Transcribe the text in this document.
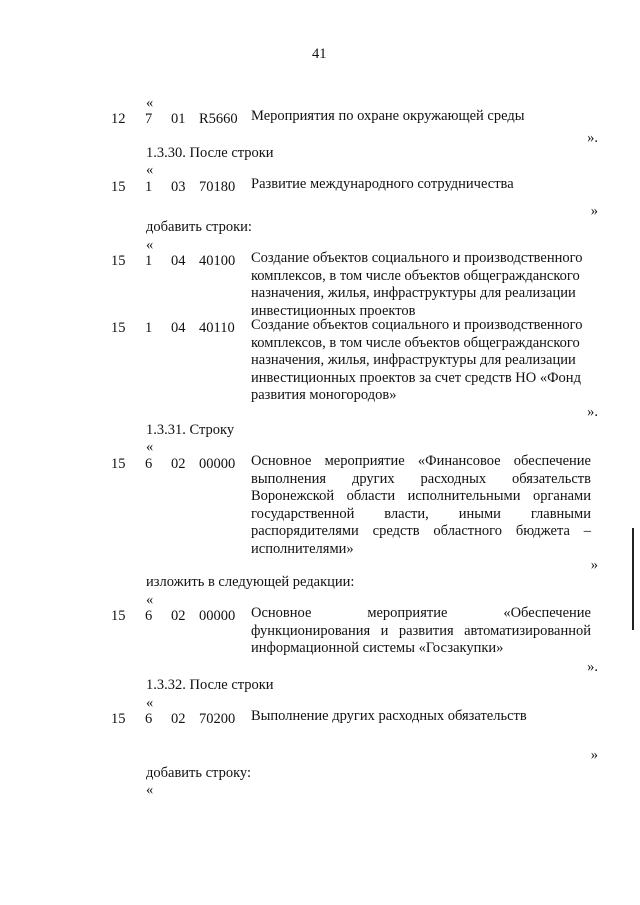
41
«
12 7 01 R5660 Мероприятия по охране окружающей среды
».
1.3.30. После строки
«
15 1 03 70180 Развитие международного сотрудничества
»
добавить строки:
«
15 1 04 40100 Создание объектов социального и производственного комплексов, в том числе объектов общегражданского назначения, жилья, инфраструктуры для реализации инвестиционных проектов
15 1 04 40110 Создание объектов социального и производственного комплексов, в том числе объектов общегражданского назначения, жилья, инфраструктуры для реализации инвестиционных проектов за счет средств НО «Фонд развития моногородов»
».
1.3.31. Строку
«
15 6 02 00000 Основное мероприятие «Финансовое обеспечение выполнения других расходных обязательств Воронежской области исполнительными органами государственной власти, иными главными распорядителями средств областного бюджета – исполнителями»
»
изложить в следующей редакции:
«
15 6 02 00000 Основное мероприятие «Обеспечение функционирования и развития автоматизированной информационной системы «Госзакупки»
».
1.3.32. После строки
«
15 6 02 70200 Выполнение других расходных обязательств
»
добавить строку:
«
